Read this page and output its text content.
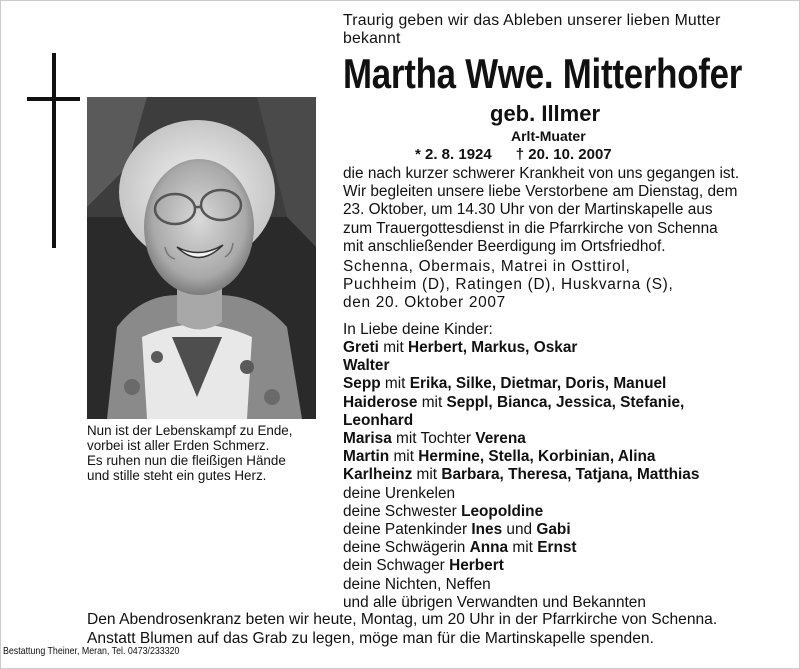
Traurig geben wir das Ableben unserer lieben Mutter bekannt
Martha Wwe. Mitterhofer
geb. Illmer
Arlt-Muater
* 2. 8. 1924 † 20. 10. 2007
die nach kurzer schwerer Krankheit von uns gegangen ist.
Wir begleiten unsere liebe Verstorbene am Dienstag, dem
23. Oktober, um 14.30 Uhr von der Martinskapelle aus
zum Trauergottesdienst in die Pfarrkirche von Schenna
mit anschließender Beerdigung im Ortsfriedhof.
Schenna, Obermais, Matrei in Osttirol,
Puchheim (D), Ratingen (D), Huskvarna (S),
den 20. Oktober 2007
In Liebe deine Kinder:
Greti mit Herbert, Markus, Oskar
Walter
Sepp mit Erika, Silke, Dietmar, Doris, Manuel
Haiderose mit Seppl, Bianca, Jessica, Stefanie,
Leonhard
Marisa mit Tochter Verena
Martin mit Hermine, Stella, Korbinian, Alina
Karlheinz mit Barbara, Theresa, Tatjana, Matthias
deine Urenkelen
deine Schwester Leopoldine
deine Patenkinder Ines und Gabi
deine Schwägerin Anna mit Ernst
dein Schwager Herbert
deine Nichten, Neffen
und alle übrigen Verwandten und Bekannten
Nun ist der Lebenskampf zu Ende,
vorbei ist aller Erden Schmerz.
Es ruhen nun die fleißigen Hände
und stille steht ein gutes Herz.
Den Abendrosenkranz beten wir heute, Montag, um 20 Uhr in der Pfarrkirche von Schenna.
Anstatt Blumen auf das Grab zu legen, möge man für die Martinskapelle spenden.
Bestattung Theiner, Meran, Tel. 0473/233320
